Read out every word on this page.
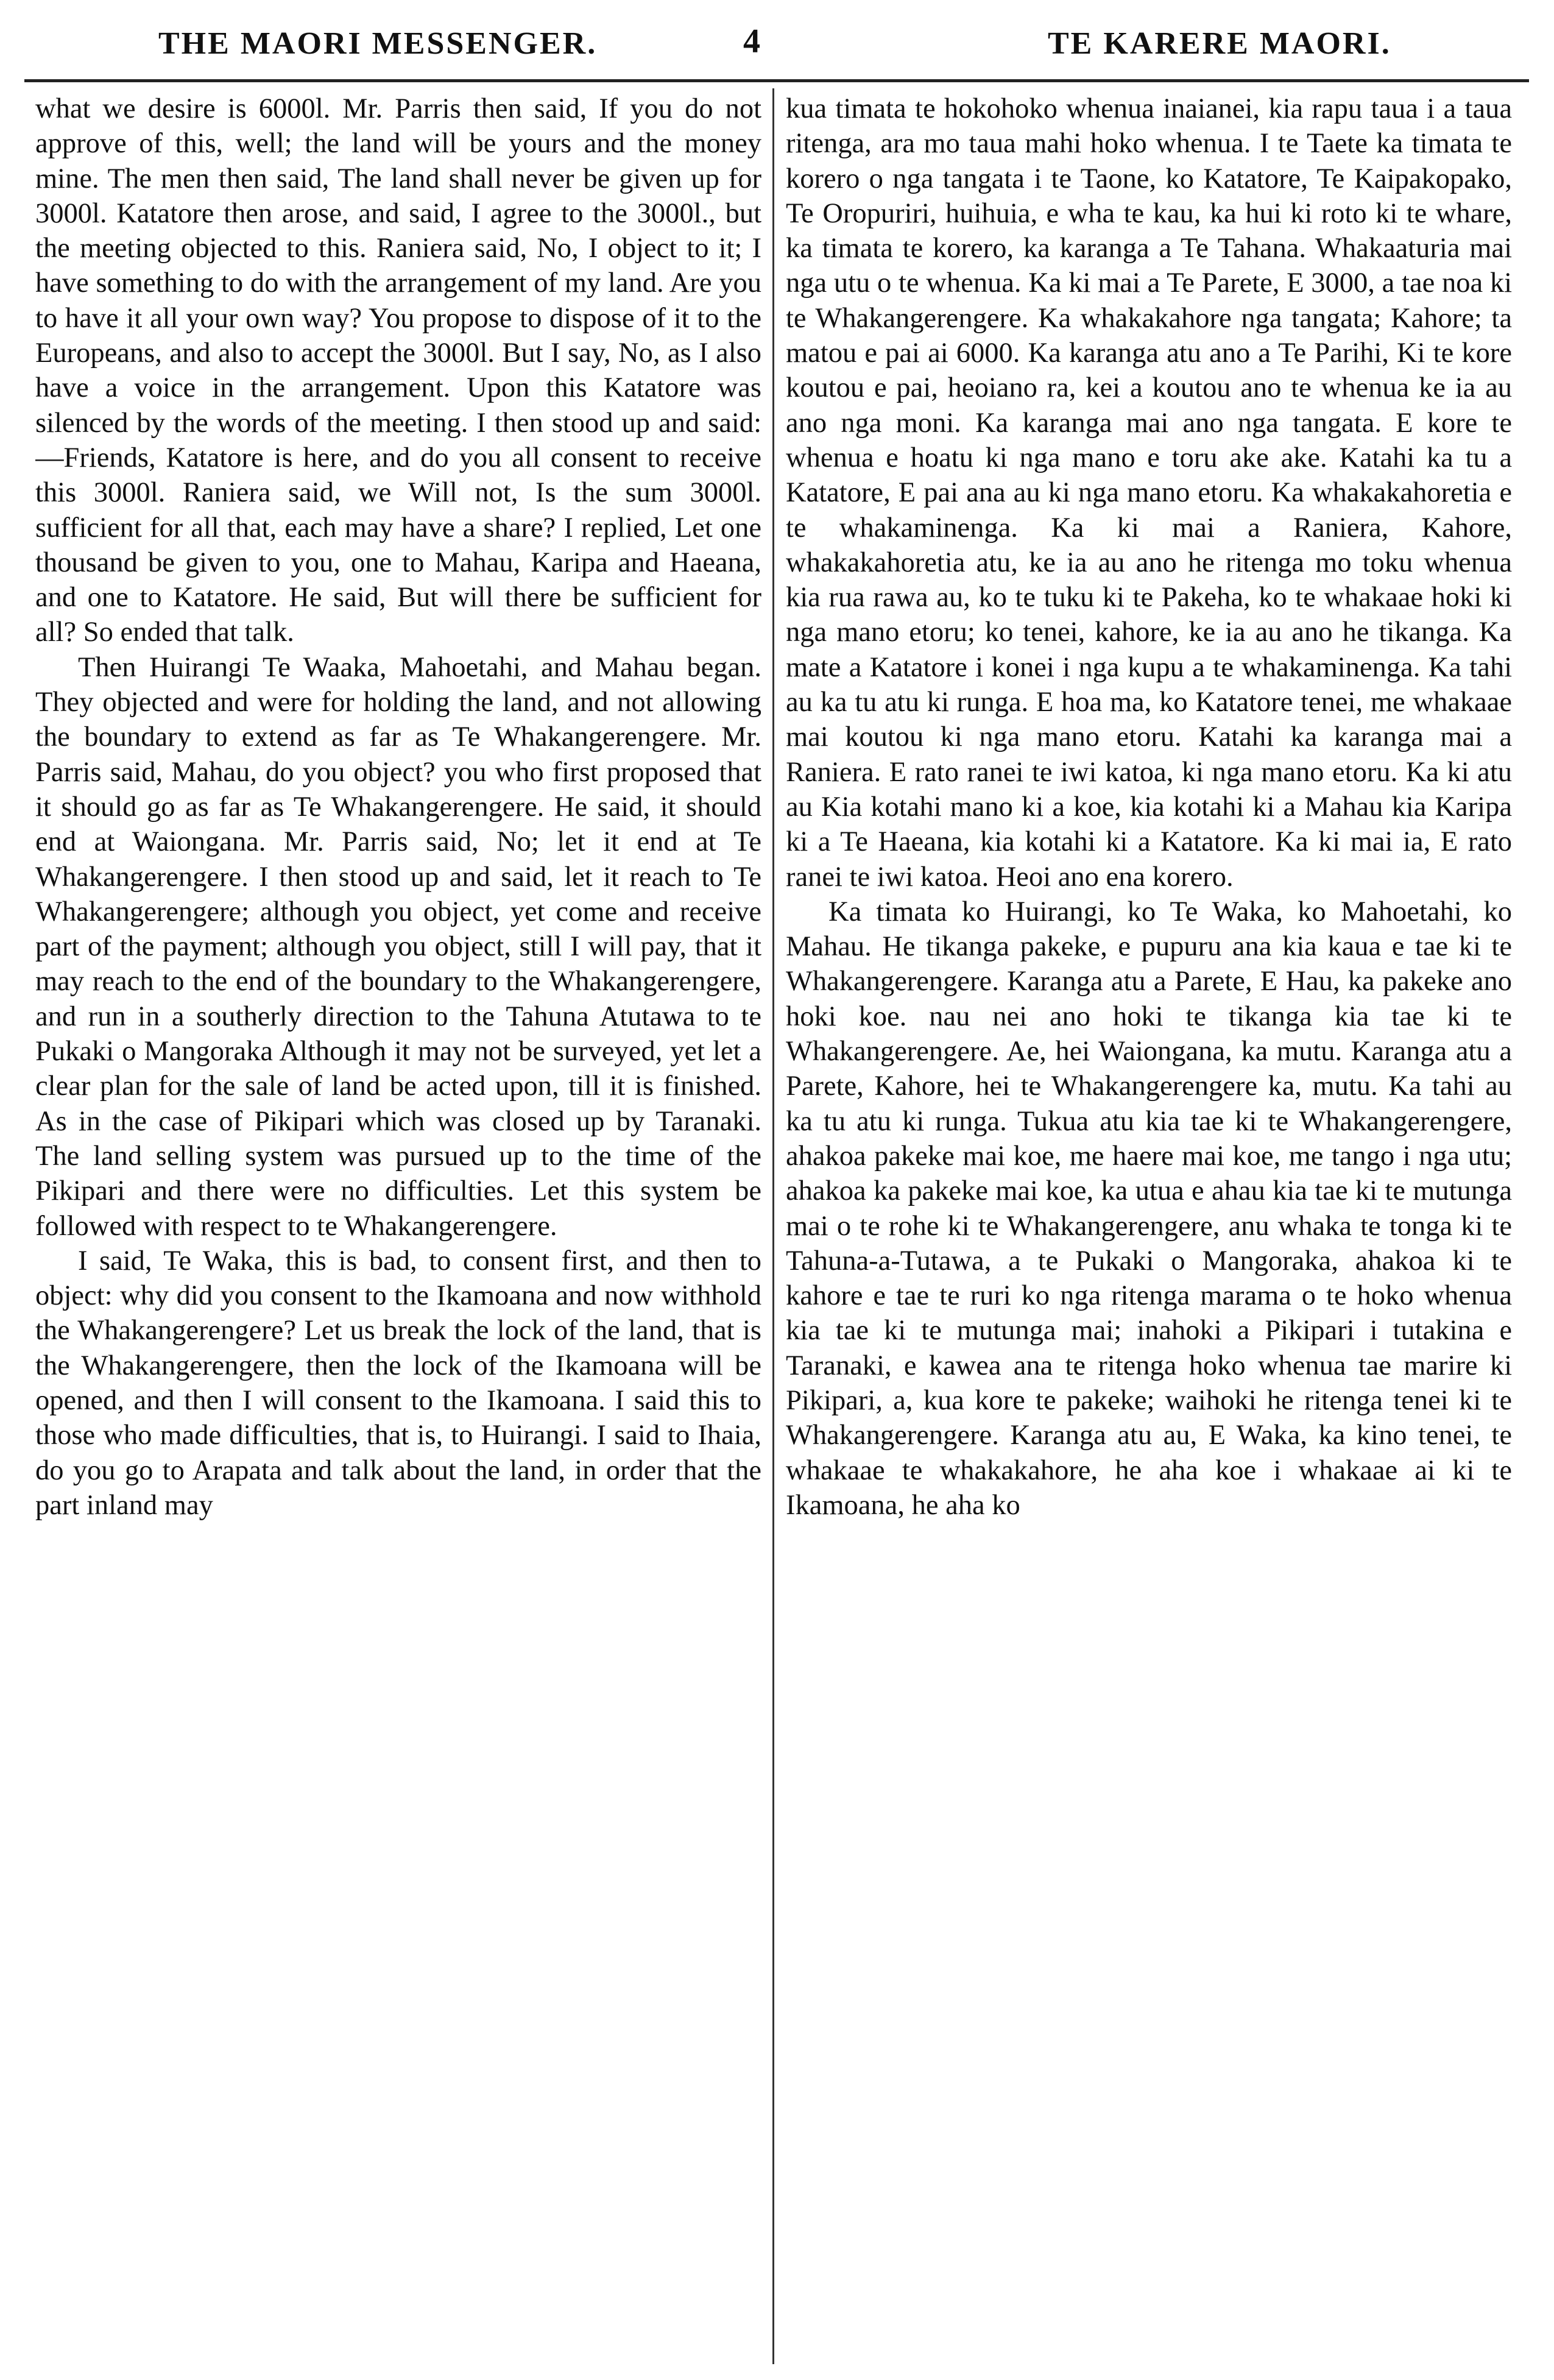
THE MAORI MESSENGER.	4	TE KARERE MAORI.

what we desire is 6000l. Mr. Parris then said, If you do not approve of this, well; the land will be yours and the money mine. The men then said, The land shall never be given up for 3000l. Katatore then arose, and said, I agree to the 3000l., but the meeting objected to this. Raniera said, No, I object to it; I have something to do with the arrangement of my land. Are you to have it all your own way? You propose to dispose of it to the Europeans, and also to accept the 3000l. But I say, No, as I also have a voice in the arrangement. Upon this Katatore was silenced by the words of the meeting. I then stood up and said:—Friends, Katatore is here, and do you all consent to receive this 3000l. Raniera said, we Will not, Is the sum 3000l. sufficient for all that, each may have a share? I replied, Let one thousand be given to you, one to Mahau, Karipa and Haeana, and one to Katatore. He said, But will there be sufficient for all? So ended that talk.

Then Huirangi Te Waaka, Mahoetahi, and Mahau began. They objected and were for holding the land, and not allowing the boundary to extend as far as Te Whakangerengere. Mr. Parris said, Mahau, do you object? you who first proposed that it should go as far as Te Whakangerengere. He said, it should end at Waiongana. Mr. Parris said, No; let it end at Te Whakangerengere. I then stood up and said, let it reach to Te Whakangerengere; although you object, yet come and receive part of the payment; although you object, still I will pay, that it may reach to the end of the boundary to the Whakangerengere, and run in a southerly direction to the Tahuna Atutawa to te Pukaki o Mangoraka Although it may not be surveyed, yet let a clear plan for the sale of land be acted upon, till it is finished. As in the case of Pikipari which was closed up by Taranaki. The land selling system was pursued up to the time of the Pikipari and there were no difficulties. Let this system be followed with respect to te Whakangerengere.

I said, Te Waka, this is bad, to consent first, and then to object: why did you consent to the Ikamoana and now withhold the Whakangerengere? Let us break the lock of the land, that is the Whakangerengere, then the lock of the Ikamoana will be opened, and then I will consent to the Ikamoana. I said this to those who made difficulties, that is, to Huirangi. I said to Ihaia, do you go to Arapata and talk about the land, in order that the part inland may

kua timata te hokohoko whenua inaianei, kia rapu taua i a taua ritenga, ara mo taua mahi hoko whenua. I te Taete ka timata te korero o nga tangata i te Taone, ko Katatore, Te Kaipakopako, Te Oropuriri, huihuia, e wha te kau, ka hui ki roto ki te whare, ka timata te korero, ka karanga a Te Tahana. Whakaaturia mai nga utu o te whenua. Ka ki mai a Te Parete, E 3000, a tae noa ki te Whakangerengere. Ka whakakahore nga tangata; Kahore; ta matou e pai ai 6000. Ka karanga atu ano a Te Parihi, Ki te kore koutou e pai, heoiano ra, kei a koutou ano te whenua ke ia au ano nga moni. Ka karanga mai ano nga tangata. E kore te whenua e hoatu ki nga mano e toru ake ake. Katahi ka tu a Katatore, E pai ana au ki nga mano etoru. Ka whakakahoretia e te whakaminenga. Ka ki mai a Raniera, Kahore, whakakahoretia atu, ke ia au ano he ritenga mo toku whenua kia rua rawa au, ko te tuku ki te Pakeha, ko te whakaae hoki ki nga mano etoru; ko tenei, kahore, ke ia au ano he tikanga. Ka mate a Katatore i konei i nga kupu a te whakaminenga. Ka tahi au ka tu atu ki runga. E hoa ma, ko Katatore tenei, me whakaae mai koutou ki nga mano etoru. Katahi ka karanga mai a Raniera. E rato ranei te iwi katoa, ki nga mano etoru. Ka ki atu au Kia kotahi mano ki a koe, kia kotahi ki a Mahau kia Karipa ki a Te Haeana, kia kotahi ki a Katatore. Ka ki mai ia, E rato ranei te iwi katoa. Heoi ano ena korero.

Ka timata ko Huirangi, ko Te Waka, ko Mahoetahi, ko Mahau. He tikanga pakeke, e pupuru ana kia kaua e tae ki te Whakangerengere. Karanga atu a Parete, E Hau, ka pakeke ano hoki koe. nau nei ano hoki te tikanga kia tae ki te Whakangerengere. Ae, hei Waiongana, ka mutu. Karanga atu a Parete, Kahore, hei te Whakangerengere ka, mutu. Ka tahi au ka tu atu ki runga. Tukua atu kia tae ki te Whakangerengere, ahakoa pakeke mai koe, me haere mai koe, me tango i nga utu; ahakoa ka pakeke mai koe, ka utua e ahau kia tae ki te mutunga mai o te rohe ki te Whakangerengere, anu whaka te tonga ki te Tahuna-a-Tutawa, a te Pukaki o Mangoraka, ahakoa ki te kahore e tae te ruri ko nga ritenga marama o te hoko whenua kia tae ki te mutunga mai; inahoki a Pikipari i tutakina e Taranaki, e kawea ana te ritenga hoko whenua tae marire ki Pikipari, a, kua kore te pakeke; waihoki he ritenga tenei ki te Whakangerengere. Karanga atu au, E Waka, ka kino tenei, te whakaae te whakakahore, he aha koe i whakaae ai ki te Ikamoana, he aha ko
